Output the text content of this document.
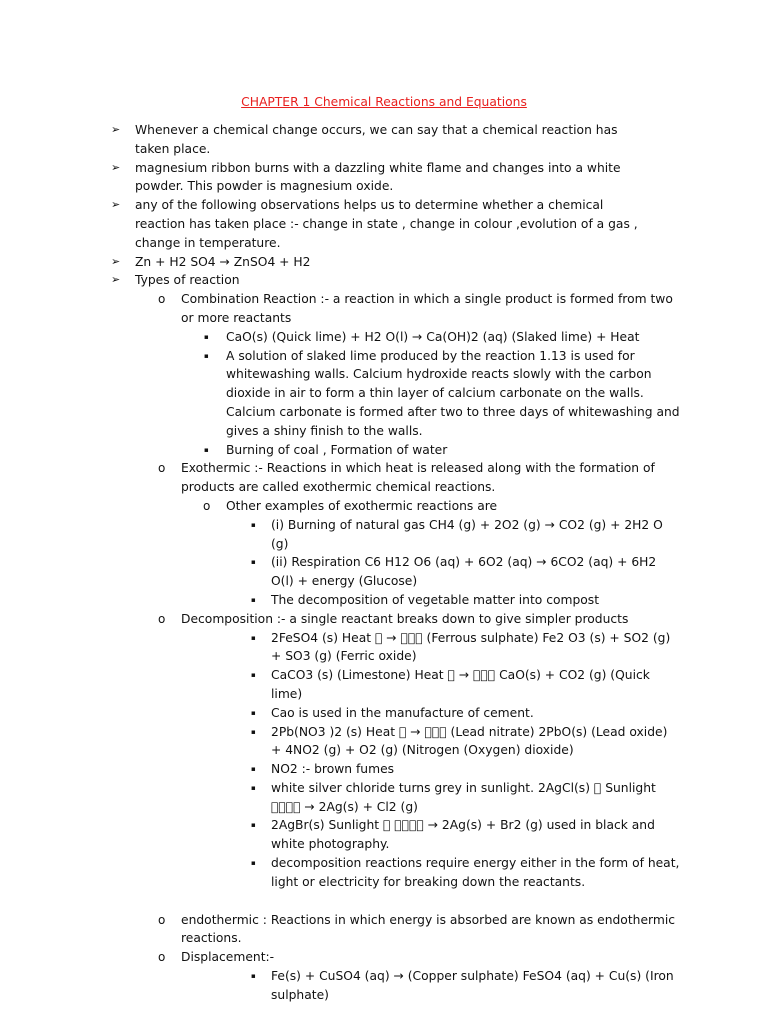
CHAPTER 1 Chemical Reactions and Equations
➢ Whenever a chemical change occurs, we can say that a chemical reaction has taken place.
➢ magnesium ribbon burns with a dazzling white flame and changes into a white powder. This powder is magnesium oxide.
➢ any of the following observations helps us to determine whether a chemical reaction has taken place :- change in state , change in colour ,evolution of a gas , change in temperature.
➢ Zn + H2 SO4 → ZnSO4 + H2
➢ Types of reaction
o Combination Reaction :- a reaction in which a single product is formed from two or more reactants
▪ CaO(s) (Quick lime) + H2 O(l) → Ca(OH)2 (aq) (Slaked lime) + Heat
▪ A solution of slaked lime produced by the reaction 1.13 is used for whitewashing walls. Calcium hydroxide reacts slowly with the carbon dioxide in air to form a thin layer of calcium carbonate on the walls. Calcium carbonate is formed after two to three days of whitewashing and gives a shiny finish to the walls.
▪ Burning of coal , Formation of water
o Exothermic :- Reactions in which heat is released along with the formation of products are called exothermic chemical reactions.
o Other examples of exothermic reactions are
▪ (i) Burning of natural gas CH4 (g) + 2O2 (g) → CO2 (g) + 2H2 O (g)
▪ (ii) Respiration C6 H12 O6 (aq) + 6O2 (aq) → 6CO2 (aq) + 6H2 O(l) + energy (Glucose)
▪ The decomposition of vegetable matter into compost
o Decomposition :- a single reactant breaks down to give simpler products
▪ 2FeSO4 (s) Heat   →     (Ferrous sulphate) Fe2 O3 (s) + SO2 (g) + SO3 (g) (Ferric oxide)
▪ CaCO3 (s) (Limestone) Heat   →     CaO(s) + CO2 (g) (Quick lime)
▪ Cao is used in the manufacture of cement.
▪ 2Pb(NO3 )2 (s) Heat   →     (Lead nitrate) 2PbO(s) (Lead oxide) + 4NO2 (g) + O2 (g) (Nitrogen (Oxygen) dioxide)
▪ NO2 :- brown fumes
▪ white silver chloride turns grey in sunlight. 2AgCl(s)   Sunlight      → 2Ag(s) + Cl2 (g)
▪ 2AgBr(s) Sunlight        → 2Ag(s) + Br2 (g) used in black and white photography.
▪ decomposition reactions require energy either in the form of heat, light or electricity for breaking down the reactants.
o endothermic : Reactions in which energy is absorbed are known as endothermic reactions.
o Displacement:-
▪ Fe(s) + CuSO4 (aq) → (Copper sulphate) FeSO4 (aq) + Cu(s) (Iron sulphate)
